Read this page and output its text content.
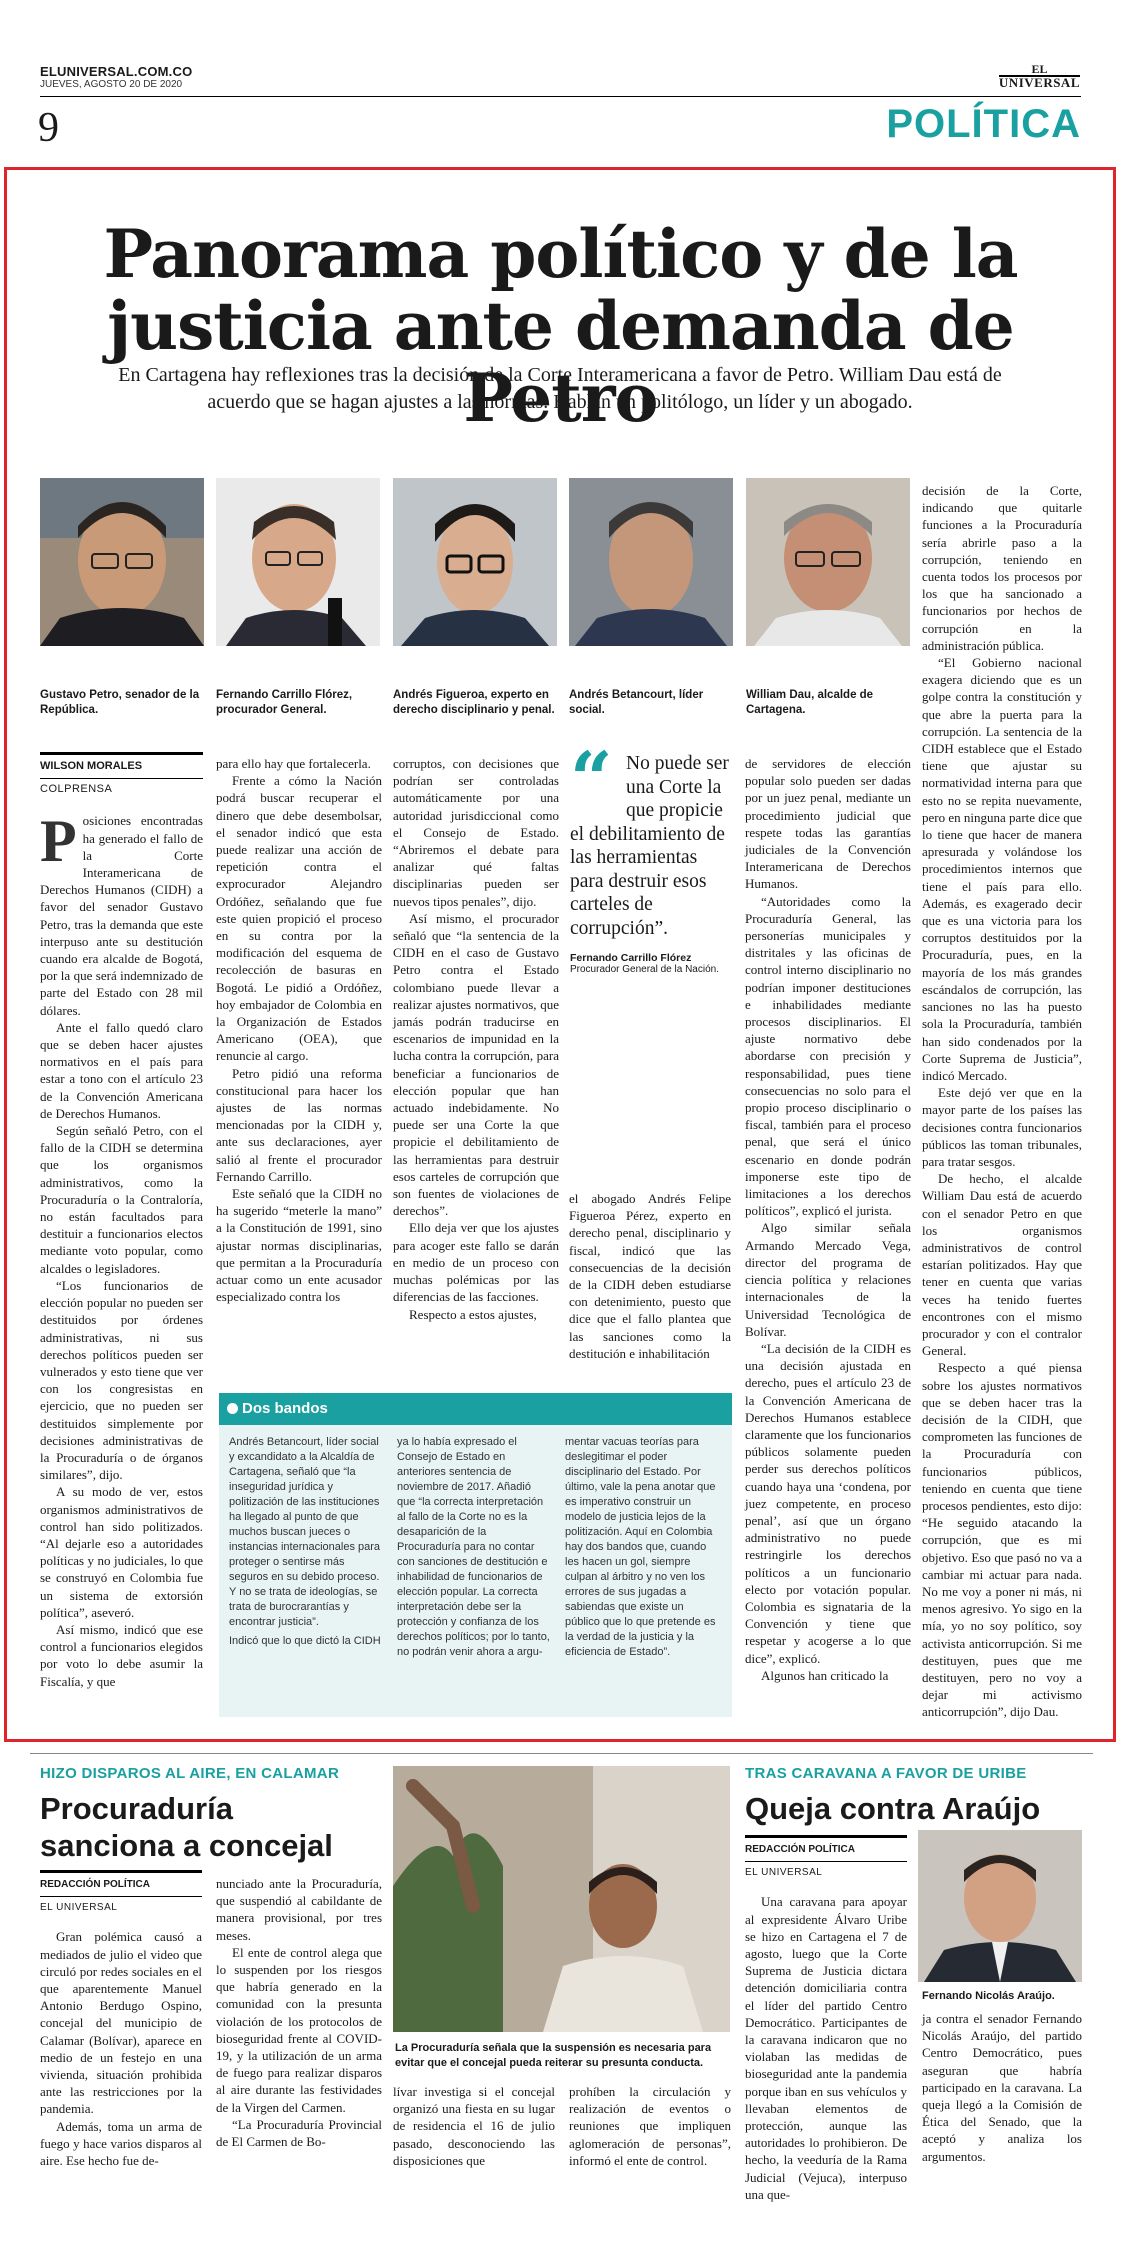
ELUNIVERSAL.COM.CO
JUEVES, AGOSTO 20 DE 2020
EL
UNIVERSAL
9	POLÍTICA
Panorama político y de la
justicia ante demanda de Petro
En Cartagena hay reflexiones tras la decisión de la Corte Interamericana a favor de Petro. William Dau está de acuerdo que se hagan ajustes a las normas. Hablan un politólogo, un líder y un abogado.
Gustavo Petro, senador de la República.
Fernando Carrillo Flórez, procurador General.
Andrés Figueroa, experto en derecho disciplinario y penal.
Andrés Betancourt, líder social.
William Dau, alcalde de Cartagena.
WILSON MORALES
COLPRENSA

Posiciones encontradas ha generado el fallo de la Corte Interamericana de Derechos Humanos (CIDH) a favor del senador Gustavo Petro, tras la demanda que este interpuso ante su destitución cuando era alcalde de Bogotá, por la que será indemnizado de parte del Estado con 28 mil dólares.

Ante el fallo quedó claro que se deben hacer ajustes normativos en el país para estar a tono con el artículo 23 de la Convención Americana de Derechos Humanos.

Según señaló Petro, con el fallo de la CIDH se determina que los organismos administrativos, como la Procuraduría o la Contraloría, no están facultados para destituir a funcionarios electos mediante voto popular, como alcaldes o legisladores.

“Los funcionarios de elección popular no pueden ser destituidos por órdenes administrativas, ni sus derechos políticos pueden ser vulnerados y esto tiene que ver con los congresistas en ejercicio, que no pueden ser destituidos simplemente por decisiones administrativas de la Procuraduría o de órganos similares”, dijo.

A su modo de ver, estos organismos administrativos de control han sido politizados. “Al dejarle eso a autoridades políticas y no judiciales, lo que se construyó en Colombia fue un sistema de extorsión política”, aseveró.

Así mismo, indicó que ese control a funcionarios elegidos por voto lo debe asumir la Fiscalía, y que

para ello hay que fortalecerla.

Frente a cómo la Nación podrá buscar recuperar el dinero que debe desembolsar, el senador indicó que esta puede realizar una acción de repetición contra el exprocurador Alejandro Ordóñez, señalando que fue este quien propició el proceso en su contra por la modificación del esquema de recolección de basuras en Bogotá. Le pidió a Ordóñez, hoy embajador de Colombia en la Organización de Estados Americano (OEA), que renuncie al cargo.

Petro pidió una reforma constitucional para hacer los ajustes de las normas mencionadas por la CIDH y, ante sus declaraciones, ayer salió al frente el procurador Fernando Carrillo.

Este señaló que la CIDH no ha sugerido “meterle la mano” a la Constitución de 1991, sino ajustar normas disciplinarias, que permitan a la Procuraduría actuar como un ente acusador especializado contra los

corruptos, con decisiones que podrían ser controladas automáticamente por una autoridad jurisdiccional como el Consejo de Estado. “Abriremos el debate para analizar qué faltas disciplinarias pueden ser nuevos tipos penales”, dijo.

Así mismo, el procurador señaló que “la sentencia de la CIDH en el caso de Gustavo Petro contra el Estado colombiano puede llevar a realizar ajustes normativos, que jamás podrán traducirse en escenarios de impunidad en la lucha contra la corrupción, para beneficiar a funcionarios de elección popular que han actuado indebidamente. No puede ser una Corte la que propicie el debilitamiento de las herramientas para destruir esos carteles de corrupción que son fuentes de violaciones de derechos”.

Ello deja ver que los ajustes para acoger este fallo se darán en medio de un proceso con muchas polémicas por las diferencias de las facciones.

Respecto a estos ajustes,

“ No puede ser una Corte la que propicie el debilitamiento de las herramientas para destruir esos carteles de corrupción”.
Fernando Carrillo Flórez
Procurador General de la Nación.

el abogado Andrés Felipe Figueroa Pérez, experto en derecho penal, disciplinario y fiscal, indicó que las consecuencias de la decisión de la CIDH deben estudiarse con detenimiento, puesto que dice que el fallo plantea que las sanciones como la destitución e inhabilitación

de servidores de elección popular solo pueden ser dadas por un juez penal, mediante un procedimiento judicial que respete todas las garantías judiciales de la Convención Interamericana de Derechos Humanos.

“Autoridades como la Procuraduría General, las personerías municipales y distritales y las oficinas de control interno disciplinario no podrían imponer destituciones e inhabilidades mediante procesos disciplinarios. El ajuste normativo debe abordarse con precisión y responsabilidad, pues tiene consecuencias no solo para el propio proceso disciplinario o fiscal, también para el proceso penal, que será el único escenario en donde podrán imponerse este tipo de limitaciones a los derechos políticos”, explicó el jurista.

Algo similar señala Armando Mercado Vega, director del programa de ciencia política y relaciones internacionales de la Universidad Tecnológica de Bolívar.

“La decisión de la CIDH es una decisión ajustada en derecho, pues el artículo 23 de la Convención Americana de Derechos Humanos establece claramente que los funcionarios públicos solamente pueden perder sus derechos políticos cuando haya una ‘condena, por juez competente, en proceso penal’, así que un órgano administrativo no puede restringirle los derechos políticos a un funcionario electo por votación popular. Colombia es signataria de la Convención y tiene que respetar y acogerse a lo que dice”, explicó.

Algunos han criticado la

decisión de la Corte, indicando que quitarle funciones a la Procuraduría sería abrirle paso a la corrupción, teniendo en cuenta todos los procesos por los que ha sancionado a funcionarios por hechos de corrupción en la administración pública.

“El Gobierno nacional exagera diciendo que es un golpe contra la constitución y que abre la puerta para la corrupción. La sentencia de la CIDH establece que el Estado tiene que ajustar su normatividad interna para que esto no se repita nuevamente, pero en ninguna parte dice que lo tiene que hacer de manera apresurada y volándose los procedimientos internos que tiene el país para ello. Además, es exagerado decir que es una victoria para los corruptos destituidos por la Procuraduría, pues, en la mayoría de los más grandes escándalos de corrupción, las sanciones no las ha puesto sola la Procuraduría, también han sido condenados por la Corte Suprema de Justicia”, indicó Mercado.

Este dejó ver que en la mayor parte de los países las decisiones contra funcionarios públicos las toman tribunales, para tratar sesgos.

De hecho, el alcalde William Dau está de acuerdo con el senador Petro en que los organismos administrativos de control estarían politizados. Hay que tener en cuenta que varias veces ha tenido fuertes encontrones con el mismo procurador y con el contralor General.

Respecto a qué piensa sobre los ajustes normativos que se deben hacer tras la decisión de la CIDH, que comprometen las funciones de la Procuraduría con funcionarios públicos, teniendo en cuenta que tiene procesos pendientes, esto dijo: “He seguido atacando la corrupción, que es mi objetivo. Eso que pasó no va a cambiar mi actuar para nada. No me voy a poner ni más, ni menos agresivo. Yo sigo en la mía, yo no soy político, soy activista anticorrupción. Si me destituyen, pues que me destituyen, pero no voy a dejar mi activismo anticorrupción”, dijo Dau.

Dos bandos

Andrés Betancourt, líder social y excandidato a la Alcaldía de Cartagena, señaló que “la inseguridad jurídica y politización de las instituciones ha llegado al punto de que muchos buscan jueces o instancias internacionales para proteger o sentirse más seguros en su debido proceso. Y no se trata de ideologías, se trata de burocrarantías y encontrar justicia”.

Indicó que lo que dictó la CIDH

ya lo había expresado el Consejo de Estado en anteriores sentencia de noviembre de 2017. Añadió que “la correcta interpretación al fallo de la Corte no es la desaparición de la Procuraduría para no contar con sanciones de destitución e inhabilidad de funcionarios de elección popular. La correcta interpretación debe ser la protección y confianza de los derechos políticos; por lo tanto, no podrán venir ahora a argu-

mentar vacuas teorías para deslegitimar el poder disciplinario del Estado. Por último, vale la pena anotar que es imperativo construir un modelo de justicia lejos de la politización. Aquí en Colombia hay dos bandos que, cuando les hacen un gol, siempre culpan al árbitro y no ven los errores de sus jugadas a sabiendas que existe un público que lo que pretende es la verdad de la justicia y la eficiencia de Estado”.

HIZO DISPAROS AL AIRE, EN CALAMAR
Procuraduría
sanciona a concejal
REDACCIÓN POLÍTICA
EL UNIVERSAL

Gran polémica causó a mediados de julio el video que circuló por redes sociales en el que aparentemente Manuel Antonio Berdugo Ospino, concejal del municipio de Calamar (Bolívar), aparece en medio de un festejo en una vivienda, situación prohibida ante las restricciones por la pandemia.

Además, toma un arma de fuego y hace varios disparos al aire. Ese hecho fue de-

nunciado ante la Procuraduría, que suspendió al cabildante de manera provisional, por tres meses.

El ente de control alega que lo suspenden por los riesgos que habría generado en la comunidad con la presunta violación de los protocolos de bioseguridad frente al COVID-19, y la utilización de un arma de fuego para realizar disparos al aire durante las festividades de la Virgen del Carmen.

“La Procuraduría Provincial de El Carmen de Bo-

La Procuraduría señala que la suspensión es necesaria para evitar que el concejal pueda reiterar su presunta conducta.

lívar investiga si el concejal organizó una fiesta en su lugar de residencia el 16 de julio pasado, desconociendo las disposiciones que

prohíben la circulación y realización de eventos o reuniones que impliquen aglomeración de personas”, informó el ente de control.

TRAS CARAVANA A FAVOR DE URIBE
Queja contra Araújo
REDACCIÓN POLÍTICA
EL UNIVERSAL

Una caravana para apoyar al expresidente Álvaro Uribe se hizo en Cartagena el 7 de agosto, luego que la Corte Suprema de Justicia dictara detención domiciliaria contra el líder del partido Centro Democrático. Participantes de la caravana indicaron que no violaban las medidas de bioseguridad ante la pandemia porque iban en sus vehículos y llevaban elementos de protección, aunque las autoridades lo prohibieron. De hecho, la veeduría de la Rama Judicial (Vejuca), interpuso una que-

Fernando Nicolás Araújo.

ja contra el senador Fernando Nicolás Araújo, del partido Centro Democrático, pues aseguran que habría participado en la caravana. La queja llegó a la Comisión de Ética del Senado, que la aceptó y analiza los argumentos.
